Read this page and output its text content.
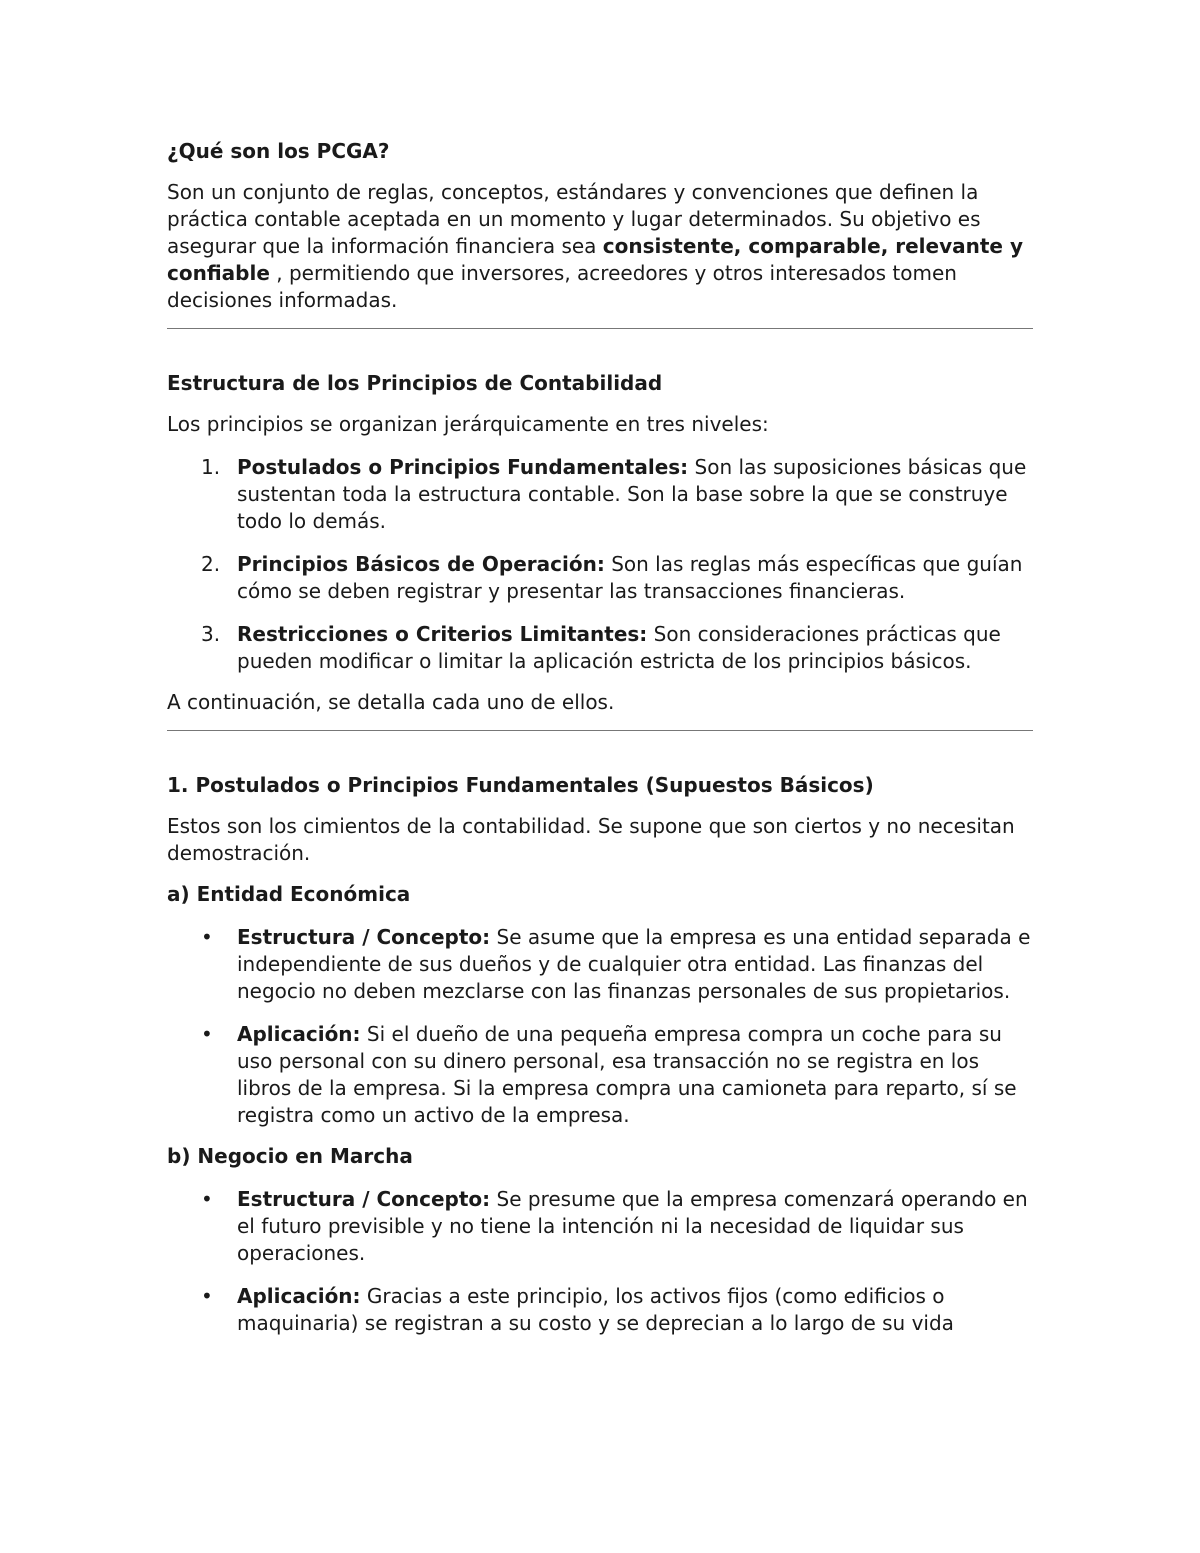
¿Qué son los PCGA?

Son un conjunto de reglas, conceptos, estándares y convenciones que definen la práctica contable aceptada en un momento y lugar determinados. Su objetivo es asegurar que la información financiera sea consistente, comparable, relevante y confiable , permitiendo que inversores, acreedores y otros interesados tomen decisiones informadas.

Estructura de los Principios de Contabilidad

Los principios se organizan jerárquicamente en tres niveles:

1. Postulados o Principios Fundamentales: Son las suposiciones básicas que sustentan toda la estructura contable. Son la base sobre la que se construye todo lo demás.
2. Principios Básicos de Operación: Son las reglas más específicas que guían cómo se deben registrar y presentar las transacciones financieras.
3. Restricciones o Criterios Limitantes: Son consideraciones prácticas que pueden modificar o limitar la aplicación estricta de los principios básicos.

A continuación, se detalla cada uno de ellos.

1. Postulados o Principios Fundamentales (Supuestos Básicos)

Estos son los cimientos de la contabilidad. Se supone que son ciertos y no necesitan demostración.

a) Entidad Económica
• Estructura / Concepto: Se asume que la empresa es una entidad separada e independiente de sus dueños y de cualquier otra entidad. Las finanzas del negocio no deben mezclarse con las finanzas personales de sus propietarios.
• Aplicación: Si el dueño de una pequeña empresa compra un coche para su uso personal con su dinero personal, esa transacción no se registra en los libros de la empresa. Si la empresa compra una camioneta para reparto, sí se registra como un activo de la empresa.
b) Negocio en Marcha
• Estructura / Concepto: Se presume que la empresa comenzará operando en el futuro previsible y no tiene la intención ni la necesidad de liquidar sus operaciones.
• Aplicación: Gracias a este principio, los activos fijos (como edificios o maquinaria) se registran a su costo y se deprecian a lo largo de su vida
